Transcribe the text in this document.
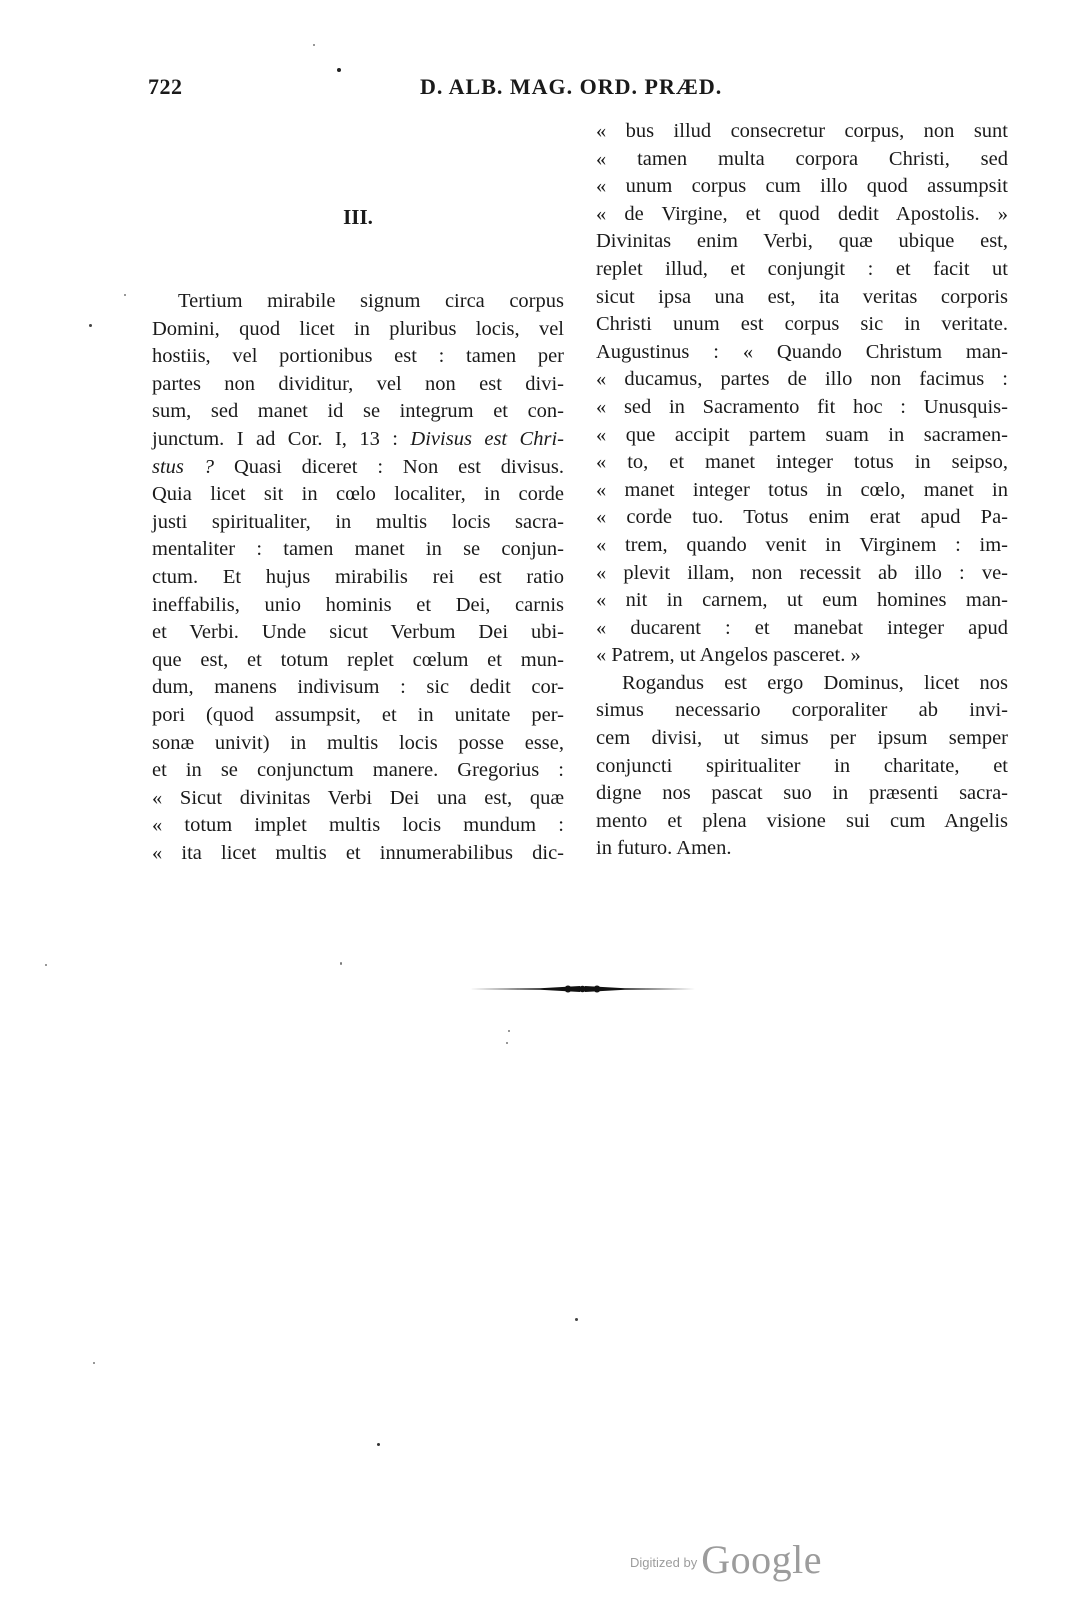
722	D. ALB. MAG. ORD. PRÆD.
III.
Tertium mirabile signum circa corpus
Domini, quod licet in pluribus locis, vel
hostiis, vel portionibus est : tamen per
partes non dividitur, vel non est divi-
sum, sed manet id se integrum et con-
junctum. I ad Cor. I, 13 : Divisus est Chri-
stus ? Quasi diceret : Non est divisus.
Quia licet sit in cœlo localiter, in corde
justi spiritualiter, in multis locis sacra-
mentaliter : tamen manet in se conjun-
ctum. Et hujus mirabilis rei est ratio
ineffabilis, unio hominis et Dei, carnis
et Verbi. Unde sicut Verbum Dei ubi-
que est, et totum replet cœlum et mun-
dum, manens indivisum : sic dedit cor-
pori (quod assumpsit, et in unitate per-
sonæ univit) in multis locis posse esse,
et in se conjunctum manere. Gregorius :
« Sicut divinitas Verbi Dei una est, quæ
« totum implet multis locis mundum :
« ita licet multis et innumerabilibus dic-
« bus illud consecretur corpus, non sunt
« tamen multa corpora Christi, sed
« unum corpus cum illo quod assumpsit
« de Virgine, et quod dedit Apostolis. »
Divinitas enim Verbi, quæ ubique est,
replet illud, et conjungit : et facit ut
sicut ipsa una est, ita veritas corporis
Christi unum est corpus sic in veritate.
Augustinus : « Quando Christum man-
« ducamus, partes de illo non facimus :
« sed in Sacramento fit hoc : Unusquis-
« que accipit partem suam in sacramen-
« to, et manet integer totus in seipso,
« manet integer totus in cœlo, manet in
« corde tuo. Totus enim erat apud Pa-
« trem, quando venit in Virginem : im-
« plevit illam, non recessit ab illo : ve-
« nit in carnem, ut eum homines man-
« ducarent : et manebat integer apud
« Patrem, ut Angelos pasceret. »
Rogandus est ergo Dominus, licet nos
simus necessario corporaliter ab invi-
cem divisi, ut simus per ipsum semper
conjuncti spiritualiter in charitate, et
digne nos pascat suo in præsenti sacra-
mento et plena visione sui cum Angelis
in futuro. Amen.
$^{Digitized by}$ Google
